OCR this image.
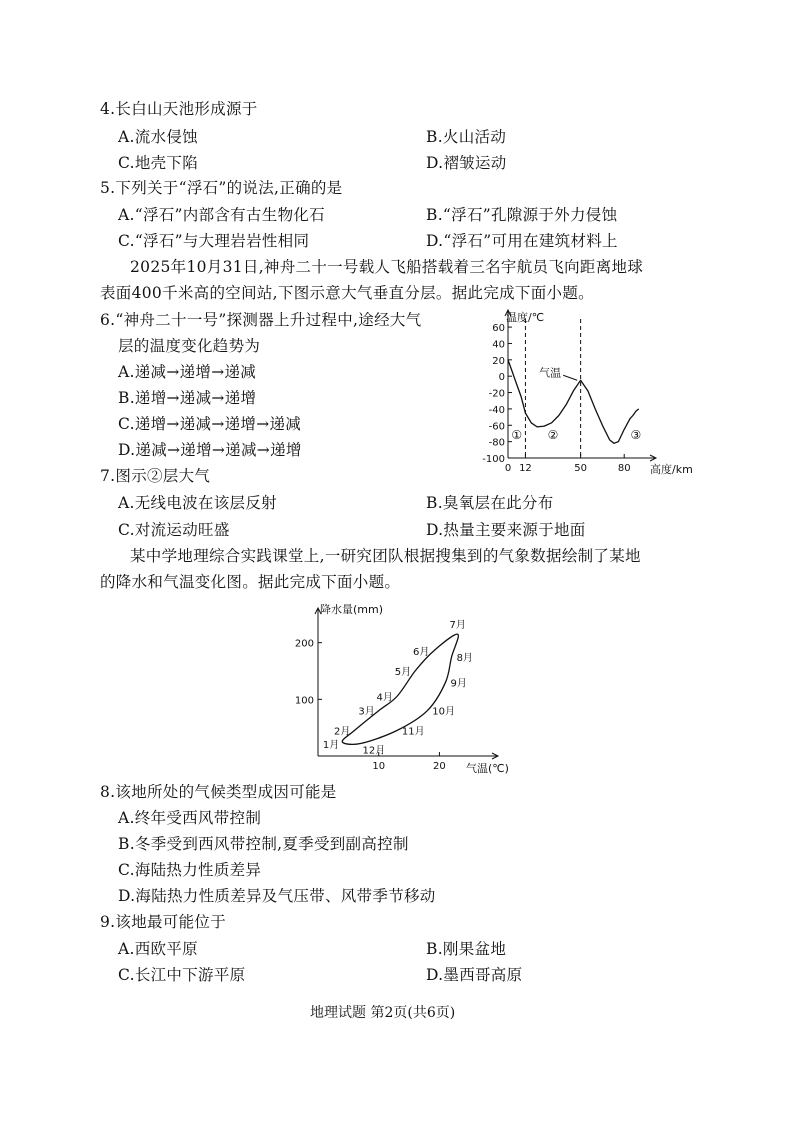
4.长白山天池形成源于
A.流水侵蚀	B.火山活动
C.地壳下陷	D.褶皱运动
5.下列关于“浮石”的说法,正确的是
A.“浮石”内部含有古生物化石	B.“浮石”孔隙源于外力侵蚀
C.“浮石”与大理岩岩性相同	D.“浮石”可用在建筑材料上
2025年10月31日,神舟二十一号载人飞船搭载着三名宇航员飞向距离地球
表面400千米高的空间站,下图示意大气垂直分层。据此完成下面小题。
6.“神舟二十一号”探测器上升过程中,途经大气
层的温度变化趋势为
A.递减→递增→递减
B.递增→递减→递增
C.递增→递减→递增→递减
D.递减→递增→递减→递增
60
40
20
0
-20
-40
-60
-80
-100
0 12	50	80
温度/℃
高度/km
气温
① ②	③
7.图示②层大气
A.无线电波在该层反射	B.臭氧层在此分布
C.对流运动旺盛	D.热量主要来源于地面
某中学地理综合实践课堂上,一研究团队根据搜集到的气象数据绘制了某地
的降水和气温变化图。据此完成下面小题。
100
200
10	20
降水量(mm)
气温(℃)
1月
2月
3月
4月
5月
6月
7月
8月
9月
10月
11月
12月
8.该地所处的气候类型成因可能是
A.终年受西风带控制
B.冬季受到西风带控制,夏季受到副高控制
C.海陆热力性质差异
D.海陆热力性质差异及气压带、风带季节移动
9.该地最可能位于
A.西欧平原	B.刚果盆地
C.长江中下游平原	D.墨西哥高原
地理试题 第2页(共6页)
